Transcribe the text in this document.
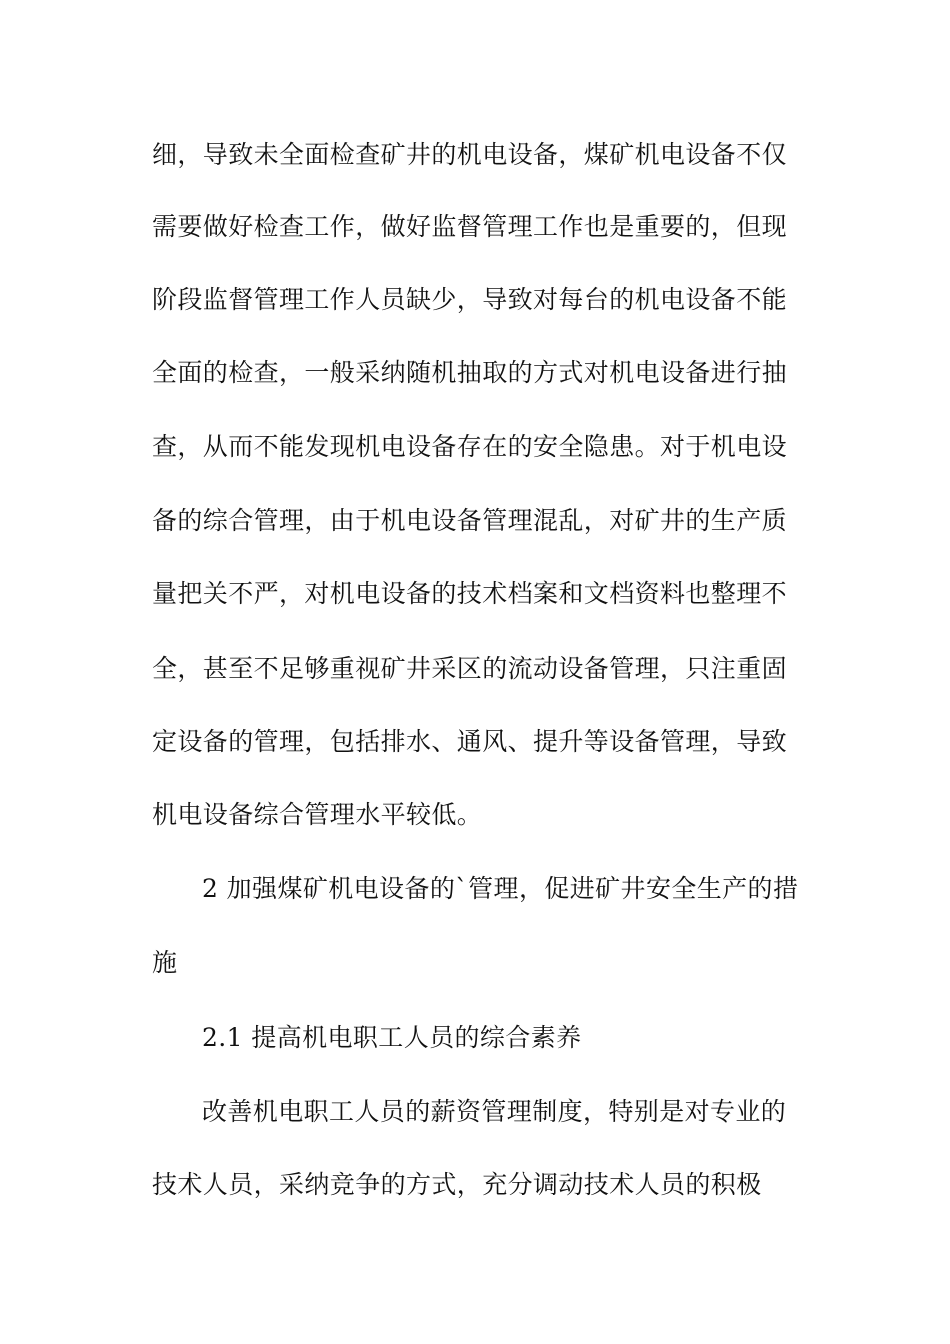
细，导致未全面检查矿井的机电设备，煤矿机电设备不仅

需要做好检查工作，做好监督管理工作也是重要的，但现

阶段监督管理工作人员缺少，导致对每台的机电设备不能

全面的检查，一般采纳随机抽取的方式对机电设备进行抽

查，从而不能发现机电设备存在的安全隐患。对于机电设

备的综合管理，由于机电设备管理混乱，对矿井的生产质

量把关不严，对机电设备的技术档案和文档资料也整理不

全，甚至不足够重视矿井采区的流动设备管理，只注重固

定设备的管理，包括排水、通风、提升等设备管理，导致

机电设备综合管理水平较低。

2 加强煤矿机电设备的`管理，促进矿井安全生产的措

施

2.1 提高机电职工人员的综合素养

改善机电职工人员的薪资管理制度，特别是对专业的

技术人员，采纳竞争的方式，充分调动技术人员的积极
